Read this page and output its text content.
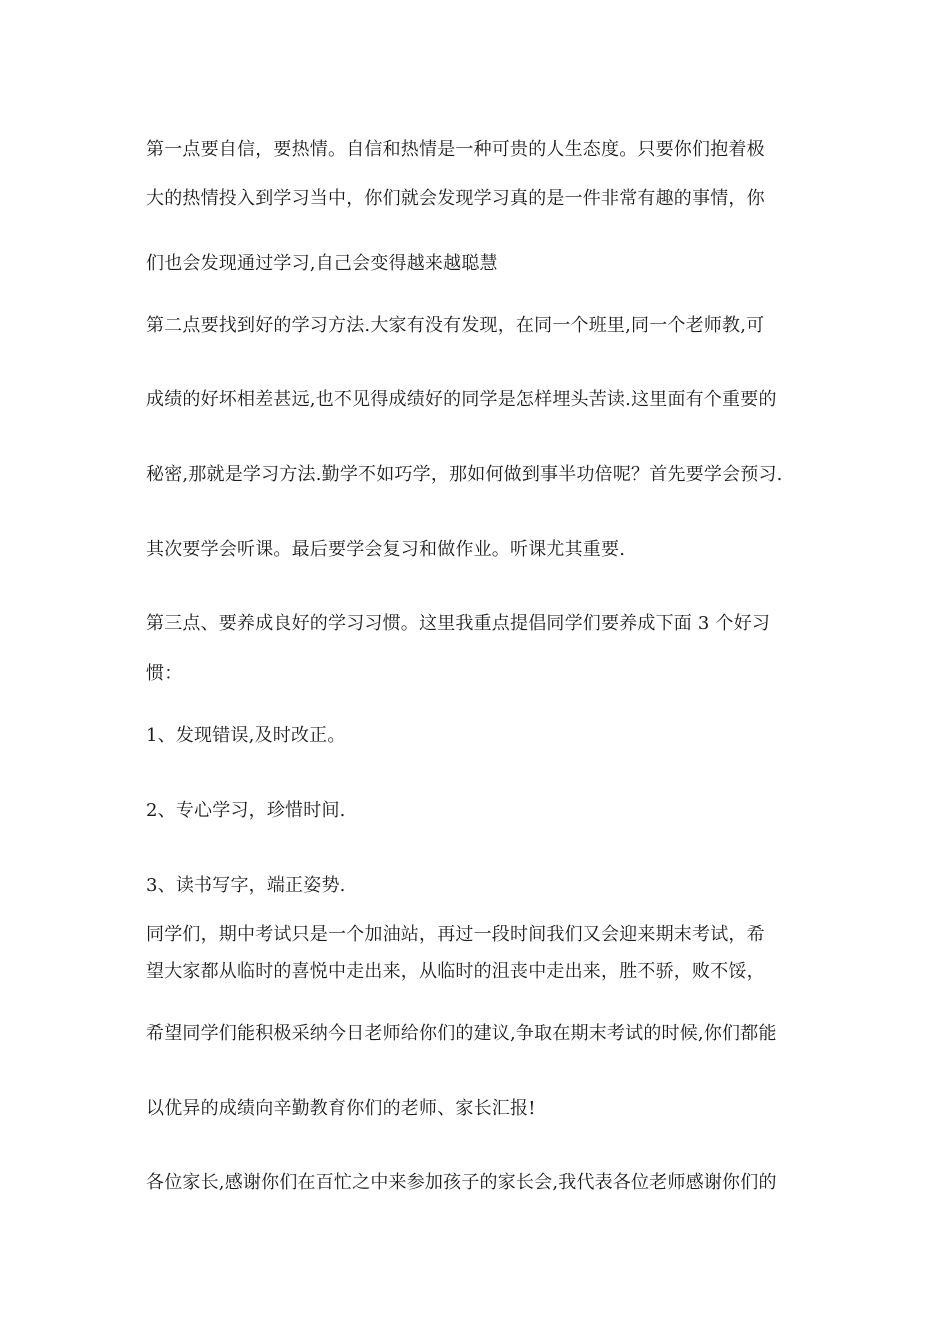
第一点要自信，要热情。自信和热情是一种可贵的人生态度。只要你们抱着极
大的热情投入到学习当中，你们就会发现学习真的是一件非常有趣的事情，你
们也会发现通过学习,自己会变得越来越聪慧
第二点要找到好的学习方法.大家有没有发现，在同一个班里,同一个老师教,可
成绩的好坏相差甚远,也不见得成绩好的同学是怎样埋头苦读.这里面有个重要的
秘密,那就是学习方法.勤学不如巧学，那如何做到事半功倍呢？首先要学会预习.
其次要学会听课。最后要学会复习和做作业。听课尤其重要.
第三点、要养成良好的学习习惯。这里我重点提倡同学们要养成下面 3 个好习
惯：
1、发现错误,及时改正。
2、专心学习，珍惜时间.
3、读书写字，端正姿势.
同学们，期中考试只是一个加油站，再过一段时间我们又会迎来期末考试，希
望大家都从临时的喜悦中走出来，从临时的沮丧中走出来，胜不骄，败不馁，
希望同学们能积极采纳今日老师给你们的建议,争取在期末考试的时候,你们都能
以优异的成绩向辛勤教育你们的老师、家长汇报!
各位家长,感谢你们在百忙之中来参加孩子的家长会,我代表各位老师感谢你们的
